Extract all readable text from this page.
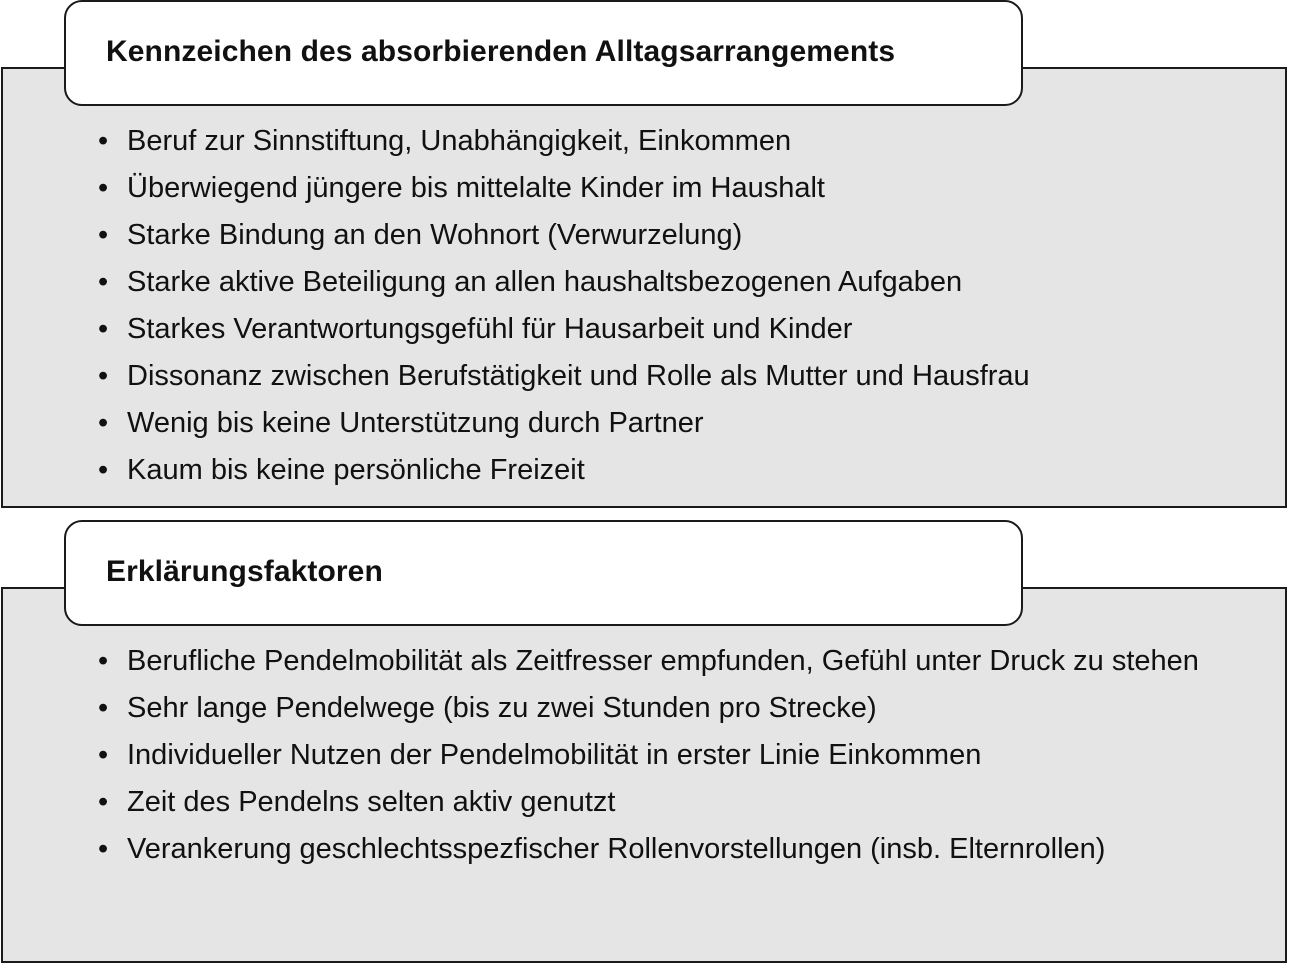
Kennzeichen des absorbierenden Alltagsarrangements
• Beruf zur Sinnstiftung, Unabhängigkeit, Einkommen
• Überwiegend jüngere bis mittelalte Kinder im Haushalt
• Starke Bindung an den Wohnort (Verwurzelung)
• Starke aktive Beteiligung an allen haushaltsbezogenen Aufgaben
• Starkes Verantwortungsgefühl für Hausarbeit und Kinder
• Dissonanz zwischen Berufstätigkeit und Rolle als Mutter und Hausfrau
• Wenig bis keine Unterstützung durch Partner
• Kaum bis keine persönliche Freizeit
Erklärungsfaktoren
• Berufliche Pendelmobilität als Zeitfresser empfunden, Gefühl unter Druck zu stehen
• Sehr lange Pendelwege (bis zu zwei Stunden pro Strecke)
• Individueller Nutzen der Pendelmobilität in erster Linie Einkommen
• Zeit des Pendelns selten aktiv genutzt
• Verankerung geschlechtsspezfischer Rollenvorstellungen (insb. Elternrollen)
